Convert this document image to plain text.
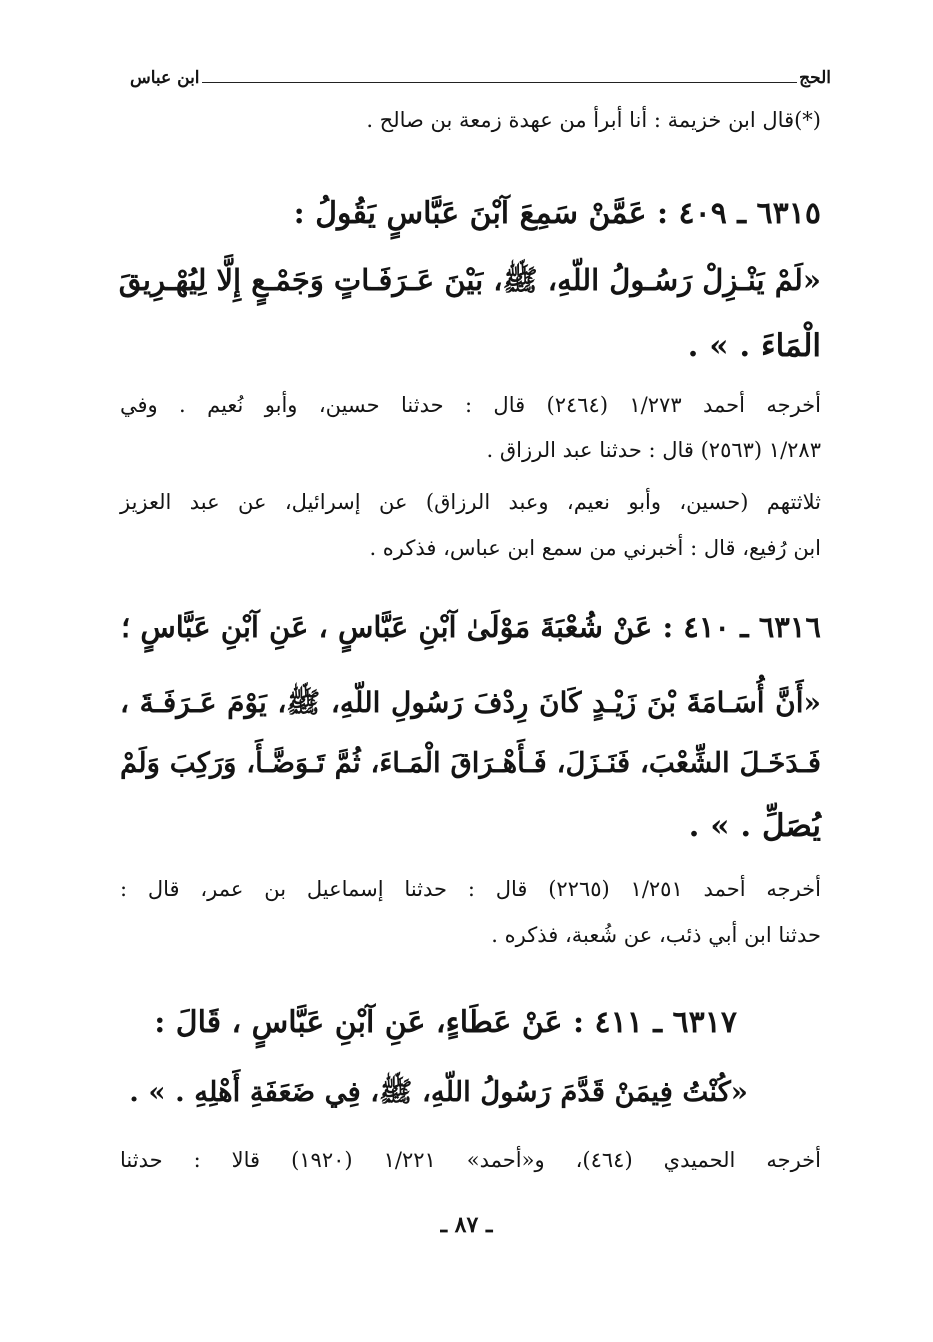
الحج
ابن عباس
(*)قال ابن خزيمة : أنا أبرأ من عهدة زمعة بن صالح .
٦٣١٥ ـ ٤٠٩ : عَمَّنْ سَمِعَ آبْنَ عَبَّاسٍ يَقُولُ :
«لَمْ يَنْـزِلْ رَسُـولُ اللّهِ، ﷺ، بَيْنَ عَـرَفَـاتٍ وَجَمْـعٍ إِلَّا لِيُهْـرِيقَ
الْمَاءَ . » .
أخرجه أحمد ١/٢٧٣ (٢٤٦٤) قال : حدثنا حسين، وأبو نُعيم . وفي
١/٢٨٣ (٢٥٦٣) قال : حدثنا عبد الرزاق .
ثلاثتهم (حسين، وأبو نعيم، وعبد الرزاق) عن إسرائيل، عن عبد العزيز
ابن رُفيع، قال : أخبرني من سمع ابن عباس، فذكره .
٦٣١٦ ـ ٤١٠ : عَنْ شُعْبَةَ مَوْلَىٰ آبْنِ عَبَّاسٍ ، عَنِ آبْنِ عَبَّاسٍ ؛
«أَنَّ أُسَـامَةَ بْنَ زَيْـدٍ كَانَ رِدْفَ رَسُولِ اللّهِ، ﷺ، يَوْمَ عَـرَفَـةَ ،
فَـدَخَـلَ الشِّعْبَ، فَنَـزَلَ، فَـأَهْـرَاقَ الْمَـاءَ، ثُمَّ تَـوَضَّـأَ، وَرَكِبَ وَلَمْ
يُصَلِّ . » .
أخرجه أحمد ١/٢٥١ (٢٢٦٥) قال : حدثنا إسماعيل بن عمر، قال :
حدثنا ابن أبي ذئب، عن شُعبة، فذكره .
٦٣١٧ ـ ٤١١ : عَنْ عَطَاءٍ، عَنِ آبْنِ عَبَّاسٍ ، قَالَ :
«كُنْتُ فِيمَنْ قَدَّمَ رَسُولُ اللّهِ، ﷺ، فِي ضَعَفَةِ أَهْلِهِ . » .
أخرجه الحميدي (٤٦٤)، و«أحمد» ١/٢٢١ (١٩٢٠) قالا : حدثنا
ـ ٨٧ ـ
